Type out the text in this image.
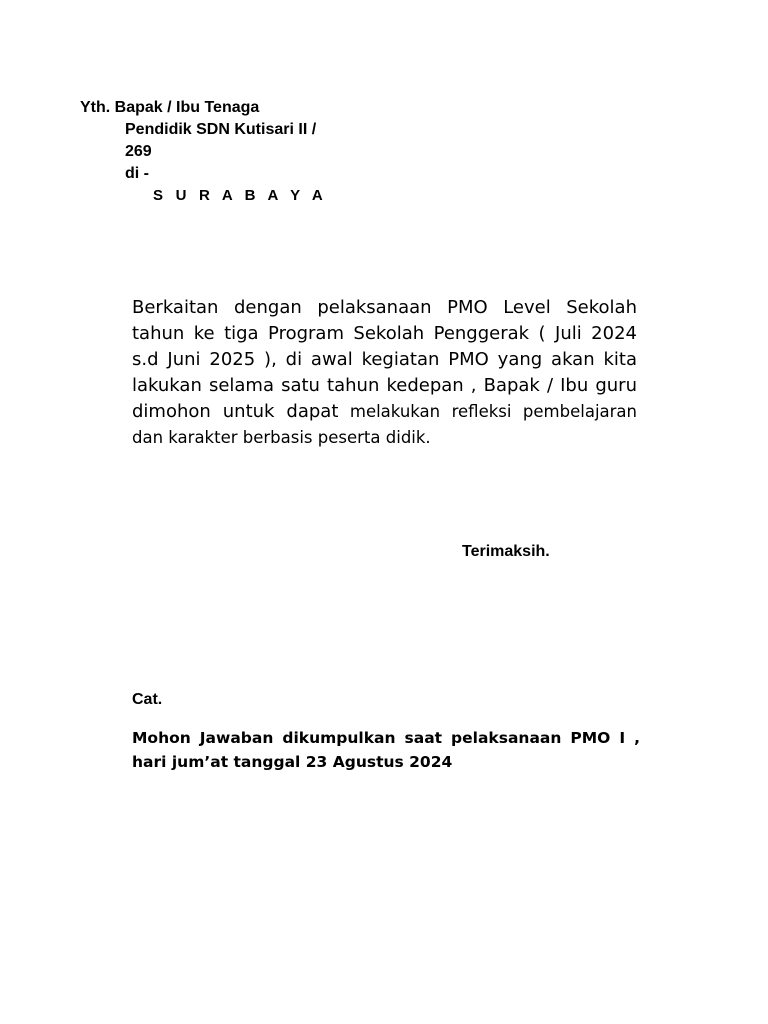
Yth. Bapak / Ibu Tenaga
Pendidik SDN Kutisari II /
269
di -
S U R A B A Y A
Berkaitan dengan pelaksanaan PMO Level Sekolah tahun ke tiga Program Sekolah Penggerak ( Juli 2024 s.d Juni 2025 ), di awal kegiatan PMO yang akan kita lakukan selama satu tahun kedepan , Bapak / Ibu guru dimohon untuk dapat melakukan refleksi pembelajaran dan karakter berbasis peserta didik.
Terimaksih.
Cat.
Mohon Jawaban dikumpulkan saat pelaksanaan PMO I , hari jum’at tanggal 23 Agustus 2024
